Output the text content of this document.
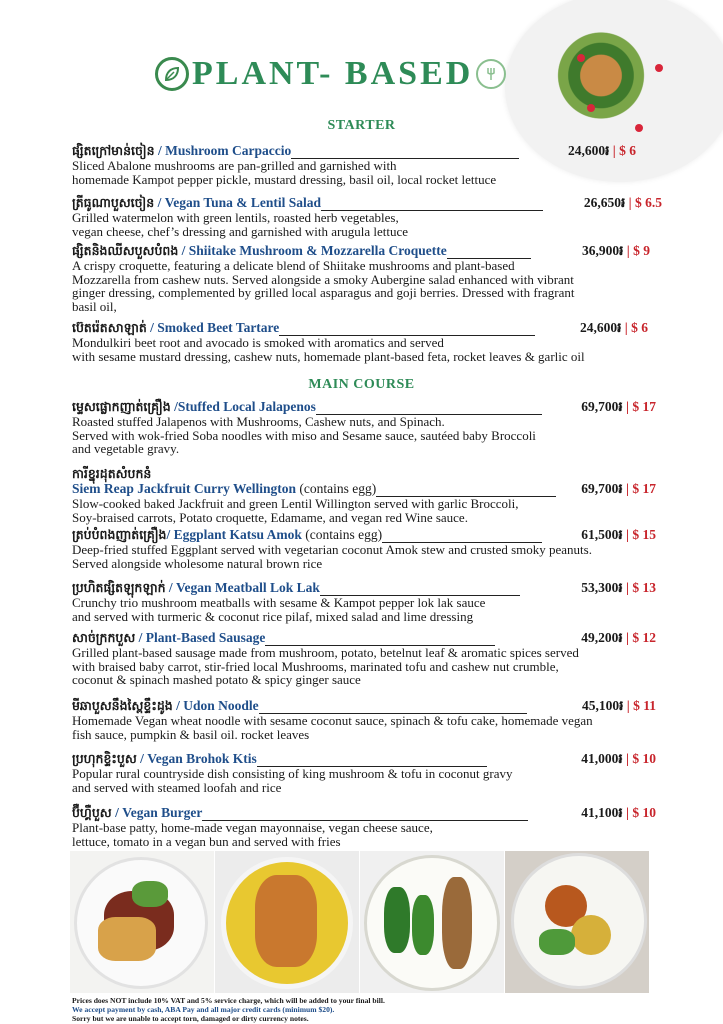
PLANT- BASED
STARTER
ផ្សិតក្រៅមាន់ចៀន / Mushroom Carpaccio	24,600៛ | $ 6
Sliced Abalone mushrooms are pan-grilled and garnished with
homemade Kampot pepper pickle, mustard dressing, basil oil, local rocket lettuce
ត្រីធូណាបួសចៀន / Vegan Tuna & Lentil Salad	26,650៛ | $ 6.5
Grilled watermelon with green lentils, roasted herb vegetables,
vegan cheese, chef’s dressing and garnished with arugula lettuce
ផ្សិតនិងឈីសបួសបំពង / Shiitake Mushroom & Mozzarella Croquette	36,900៛ | $ 9
A crispy croquette, featuring a delicate blend of Shiitake mushrooms and plant-based
Mozzarella from cashew nuts. Served alongside a smoky Aubergine salad enhanced with vibrant
ginger dressing, complemented by grilled local asparagus and goji berries. Dressed with fragrant
basil oil,
ប៊េតរ៉េតសាឡាត់ / Smoked Beet Tartare	24,600៛ | $ 6
Mondulkiri beet root and avocado is smoked with aromatics and served
with sesame mustard dressing, cashew nuts, homemade plant-based feta, rocket leaves & garlic oil
MAIN COURSE
ម្ទេសផ្លោកញាត់គ្រឿង /Stuffed Local Jalapenos	69,700៛ | $ 17
Roasted stuffed Jalapenos with Mushrooms, Cashew nuts, and Spinach.
Served with wok-fried Soba noodles with miso and Sesame sauce, sautéed baby Broccoli
and vegetable gravy.
ការីខ្នុរដុតសំបកនំ
Siem Reap Jackfruit Curry Wellington (contains egg)	69,700៛ | $ 17
Slow-cooked baked Jackfruit and green Lentil Willington served with garlic Broccoli,
Soy-braised carrots, Potato croquette, Edamame, and vegan red Wine sauce.
ត្រប់បំពងញាត់គ្រឿង/ Eggplant Katsu Amok (contains egg)	61,500៛ | $ 15
Deep-fried stuffed Eggplant served with vegetarian coconut Amok stew and crusted smoky peanuts.
Served alongside wholesome natural brown rice
ប្រហិតផ្សិតឡុកឡាក់ / Vegan Meatball Lok Lak	53,300៛ | $ 13
Crunchy trio mushroom meatballs with sesame & Kampot pepper lok lak sauce
and served with turmeric & coconut rice pilaf, mixed salad and lime dressing
សាច់ក្រកបួស / Plant-Based Sausage	49,200៛ | $ 12
Grilled plant-based sausage made from mushroom, potato, betelnut leaf & aromatic spices served
with braised baby carrot, stir-fried local Mushrooms, marinated tofu and cashew nut crumble,
coconut & spinach mashed potato & spicy ginger sauce
មីឆាបួសនឹងស្ពៃខ្ទឹះដូង / Udon Noodle	45,100៛ | $ 11
Homemade Vegan wheat noodle with sesame coconut sauce, spinach & tofu cake, homemade vegan
fish sauce, pumpkin & basil oil. rocket leaves
ប្រហុកខ្ទិះបួស / Vegan Brohok Ktis	41,000៛ | $ 10
Popular rural countryside dish consisting of king mushroom & tofu in coconut gravy
and served with steamed loofah and rice
ប៊ឺហ្គឺបួស / Vegan Burger	41,100៛ | $ 10
Plant-base patty, home-made vegan mayonnaise, vegan cheese sauce,
lettuce, tomato in a vegan bun and served with fries
Prices does NOT include 10% VAT and 5% service charge, which will be added to your final bill.
We accept payment by cash, ABA Pay and all major credit cards (minimum $20).
Sorry but we are unable to accept torn, damaged or dirty currency notes.
